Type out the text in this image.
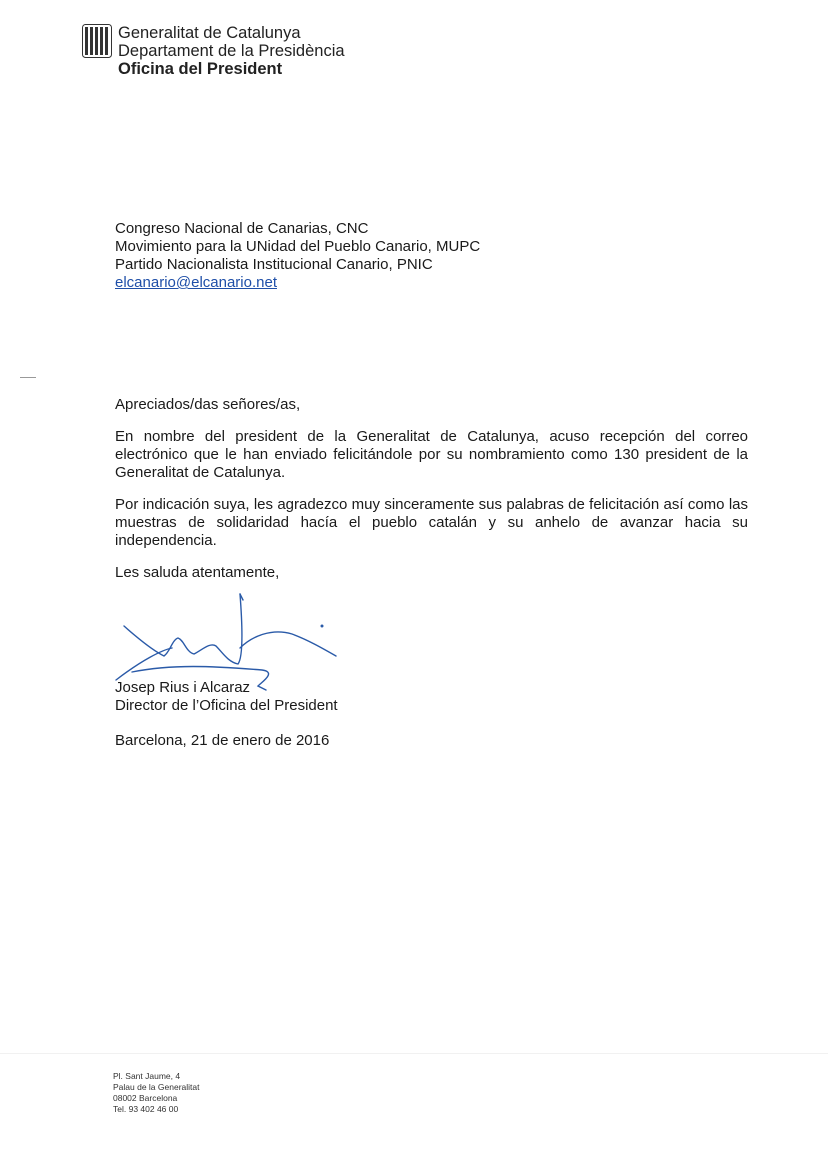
Generalitat de Catalunya
Departament de la Presidència
Oficina del President
Congreso Nacional de Canarias, CNC
Movimiento para la UNidad del Pueblo Canario, MUPC
Partido Nacionalista Institucional Canario, PNIC
elcanario@elcanario.net

Apreciados/das señores/as,

En nombre del president de la Generalitat de Catalunya, acuso recepción del correo electrónico que le han enviado felicitándole por su nombramiento como 130 president de la Generalitat de Catalunya.

Por indicación suya, les agradezco muy sinceramente sus palabras de felicitación así como las muestras de solidaridad hacía el pueblo catalán y su anhelo de avanzar hacia su independencia.

Les saluda atentamente,

Josep Rius i Alcaraz
Director de l’Oficina del President
Barcelona, 21 de enero de 2016
Pl. Sant Jaume, 4
Palau de la Generalitat
08002 Barcelona
Tel. 93 402 46 00
